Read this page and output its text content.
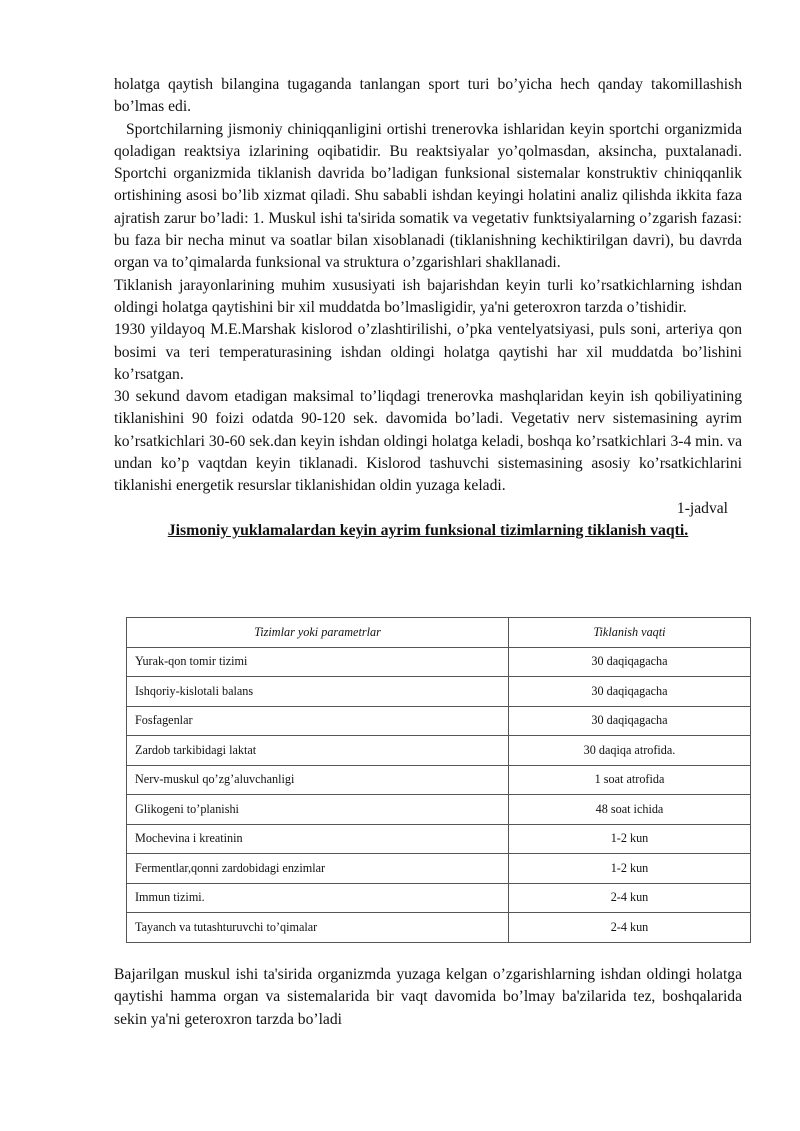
holatga qaytish bilangina tugaganda tanlangan sport turi bo’yicha hech qanday takomillashish bo’lmas edi.

Sportchilarning jismoniy chiniqqanligini ortishi trenerovka ishlaridan keyin sportchi organizmida qoladigan reaktsiya izlarining oqibatidir. Bu reaktsiyalar yo’qolmasdan, aksincha, puxtalanadi. Sportchi organizmida tiklanish davrida bo’ladigan funksional sistemalar konstruktiv chiniqqanlik ortishining asosi bo’lib xizmat qiladi. Shu sababli ishdan keyingi holatini analiz qilishda ikkita faza ajratish zarur bo’ladi: 1. Muskul ishi ta'sirida somatik va vegetativ funktsiyalarning o’zgarish fazasi: bu faza bir necha minut va soatlar bilan xisoblanadi (tiklanishning kechiktirilgan davri), bu davrda organ va to’qimalarda funksional va struktura o’zgarishlari shakllanadi.

Tiklanish jarayonlarining muhim xususiyati ish bajarishdan keyin turli ko’rsatkichlarning ishdan oldingi holatga qaytishini bir xil muddatda bo’lmasligidir, ya'ni geteroxron tarzda o’tishidir.

1930 yildayoq M.E.Marshak kislorod o’zlashtirilishi, o’pka ventelyatsiyasi, puls soni, arteriya qon bosimi va teri temperaturasining ishdan oldingi holatga qaytishi har xil muddatda bo’lishini ko’rsatgan.

30 sekund davom etadigan maksimal to’liqdagi trenerovka mashqlaridan keyin ish qobiliyatining tiklanishini 90 foizi odatda 90-120 sek. davomida bo’ladi. Vegetativ nerv sistemasining ayrim ko’rsatkichlari 30-60 sek.dan keyin ishdan oldingi holatga keladi, boshqa ko’rsatkichlari 3-4 min. va undan ko’p vaqtdan keyin tiklanadi. Kislorod tashuvchi sistemasining asosiy ko’rsatkichlarini tiklanishi energetik resurslar tiklanishidan oldin yuzaga keladi.

1-jadval

Jismoniy yuklamalardan keyin ayrim funksional tizimlarning tiklanish vaqti.

Tizimlar yoki parametrlar	Tiklanish vaqti
Yurak-qon tomir tizimi	30 daqiqagacha
Ishqoriy-kislotali balans	30 daqiqagacha
Fosfagenlar	30 daqiqagacha
Zardob tarkibidagi laktat	30 daqiqa atrofida.
Nerv-muskul qo’zg’aluvchanligi	1 soat atrofida
Glikogeni to’planishi	48 soat ichida
Mochevina i kreatinin	1-2 kun
Fermentlar,qonni zardobidagi enzimlar	1-2 kun
Immun tizimi.	2-4 kun
Tayanch va tutashturuvchi to’qimalar	2-4 kun

Bajarilgan muskul ishi ta'sirida organizmda yuzaga kelgan o’zgarishlarning ishdan oldingi holatga qaytishi hamma organ va sistemalarida bir vaqt davomida bo’lmay ba'zilarida tez, boshqalarida sekin ya'ni geteroxron tarzda bo’ladi
